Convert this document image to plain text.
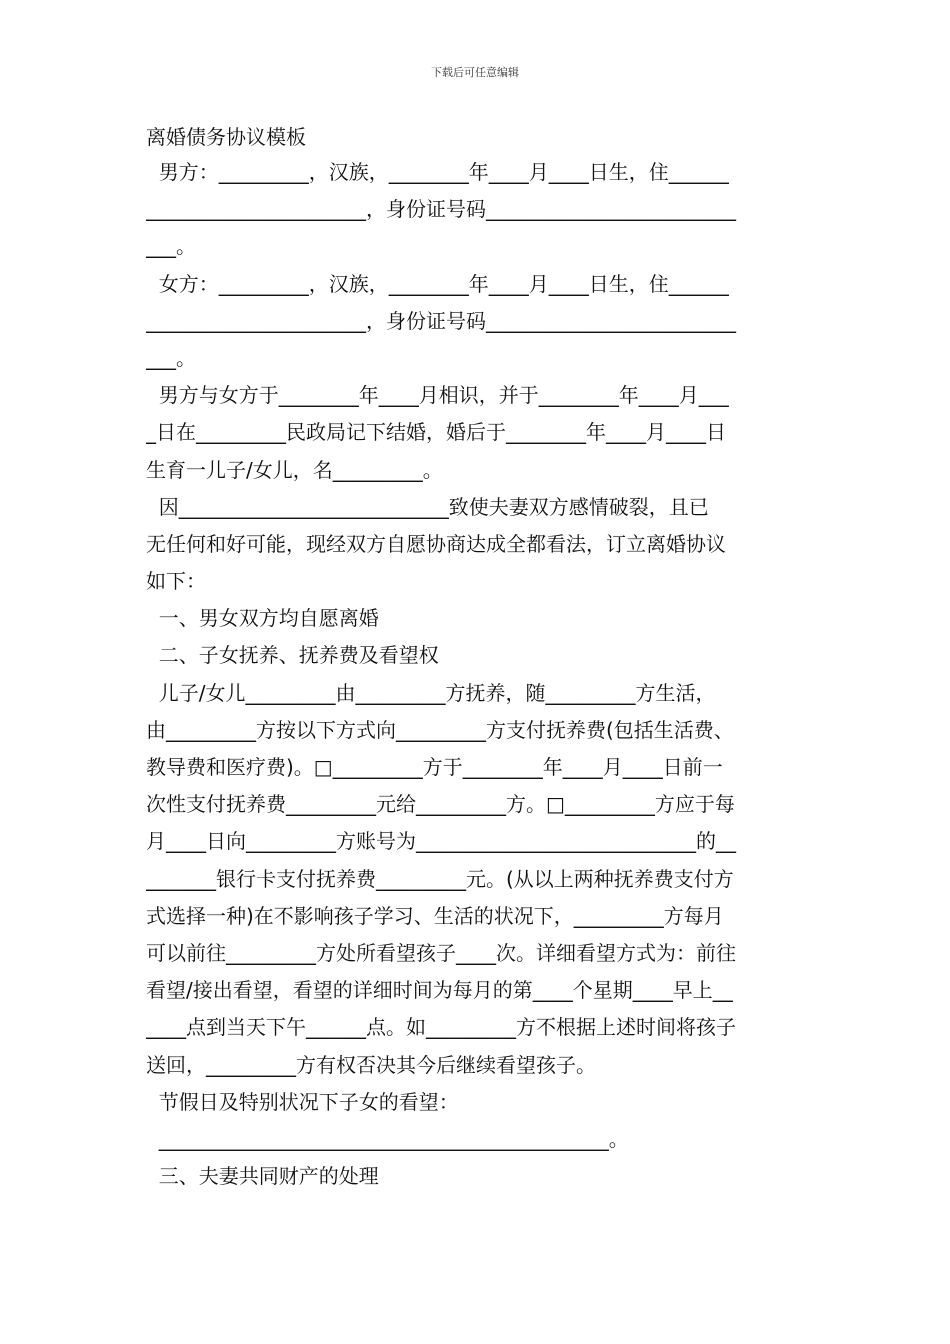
下载后可任意编辑
离婚债务协议模板
男方：_________，汉族，________年____月____日生，住______
______________________，身份证号码_________________________
___。
女方：_________，汉族，________年____月____日生，住______
______________________，身份证号码_________________________
___。
男方与女方于________年____月相识，并于________年____月___
_日在_________民政局记下结婚，婚后于________年____月____日
生育一儿子/女儿，名_________。
因___________________________致使夫妻双方感情破裂，且已
无任何和好可能，现经双方自愿协商达成全都看法，订立离婚协议
如下：
一、男女双方均自愿离婚
二、子女抚养、抚养费及看望权
儿子/女儿_________由_________方抚养，随_________方生活，
由_________方按以下方式向_________方支付抚养费(包括生活费、
教导费和医疗费)。□_________方于________年____月____日前一
次性支付抚养费_________元给_________方。□_________方应于每
月____日向_________方账号为____________________________的__
_______银行卡支付抚养费_________元。(从以上两种抚养费支付方
式选择一种)在不影响孩子学习、生活的状况下，_________方每月
可以前往_________方处所看望孩子____次。详细看望方式为：前往
看望/接出看望，看望的详细时间为每月的第____个星期____早上__
____点到当天下午______点。如_________方不根据上述时间将孩子
送回，_________方有权否决其今后继续看望孩子。
节假日及特别状况下子女的看望：
_____________________________________________。
三、夫妻共同财产的处理
